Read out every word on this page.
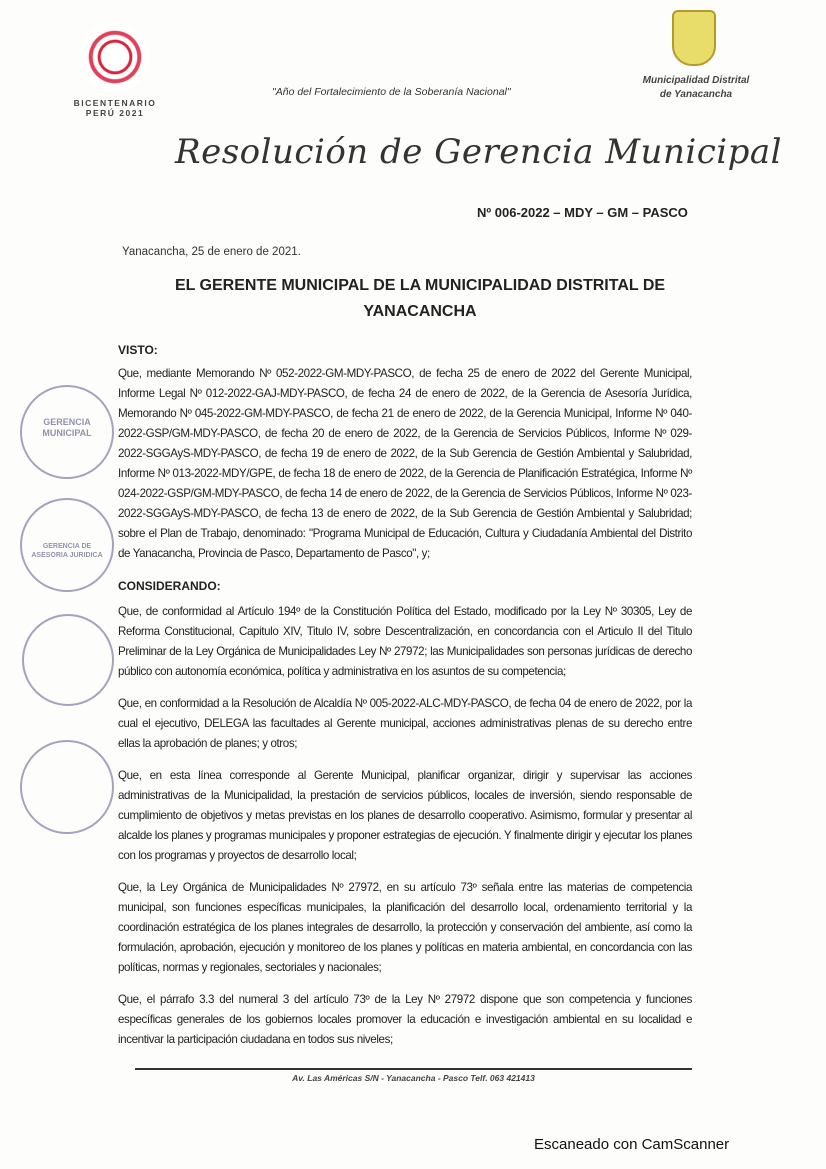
BICENTENARIO
PERÚ 2021
"Año del Fortalecimiento de la Soberanía Nacional"
Municipalidad Distrital
de Yanacancha
Resolución de Gerencia Municipal
Nº 006-2022 – MDY – GM – PASCO
Yanacancha, 25 de enero de 2021.
EL GERENTE MUNICIPAL DE LA MUNICIPALIDAD DISTRITAL DE YANACANCHA
VISTO:

Que, mediante Memorando Nº 052-2022-GM-MDY-PASCO, de fecha 25 de enero de 2022 del Gerente Municipal, Informe Legal Nº 012-2022-GAJ-MDY-PASCO, de fecha 24 de enero de 2022, de la Gerencia de Asesoría Jurídica, Memorando Nº 045-2022-GM-MDY-PASCO, de fecha 21 de enero de 2022, de la Gerencia Municipal, Informe Nº 040-2022-GSP/GM-MDY-PASCO, de fecha 20 de enero de 2022, de la Gerencia de Servicios Públicos, Informe Nº 029-2022-SGGAyS-MDY-PASCO, de fecha 19 de enero de 2022, de la Sub Gerencia de Gestión Ambiental y Salubridad, Informe Nº 013-2022-MDY/GPE, de fecha 18 de enero de 2022, de la Gerencia de Planificación Estratégica, Informe Nº 024-2022-GSP/GM-MDY-PASCO, de fecha 14 de enero de 2022, de la Gerencia de Servicios Públicos, Informe Nº 023-2022-SGGAyS-MDY-PASCO, de fecha 13 de enero de 2022, de la Sub Gerencia de Gestión Ambiental y Salubridad; sobre el Plan de Trabajo, denominado: "Programa Municipal de Educación, Cultura y Ciudadanía Ambiental del Distrito de Yanacancha, Provincia de Pasco, Departamento de Pasco", y;

CONSIDERANDO:

Que, de conformidad al Artículo 194º de la Constitución Política del Estado, modificado por la Ley Nº 30305, Ley de Reforma Constitucional, Capitulo XIV, Titulo IV, sobre Descentralización, en concordancia con el Articulo II del Titulo Preliminar de la Ley Orgánica de Municipalidades Ley Nº 27972; las Municipalidades son personas jurídicas de derecho público con autonomía económica, política y administrativa en los asuntos de su competencia;

Que, en conformidad a la Resolución de Alcaldía Nº 005-2022-ALC-MDY-PASCO, de fecha 04 de enero de 2022, por la cual el ejecutivo, DELEGA las facultades al Gerente municipal, acciones administrativas plenas de su derecho entre ellas la aprobación de planes; y otros;

Que, en esta línea corresponde al Gerente Municipal, planificar organizar, dirigir y supervisar las acciones administrativas de la Municipalidad, la prestación de servicios públicos, locales de inversión, siendo responsable de cumplimiento de objetivos y metas previstas en los planes de desarrollo cooperativo. Asimismo, formular y presentar al alcalde los planes y programas municipales y proponer estrategias de ejecución. Y finalmente dirigir y ejecutar los planes con los programas y proyectos de desarrollo local;

Que, la Ley Orgánica de Municipalidades Nº 27972, en su artículo 73º señala entre las materias de competencia municipal, son funciones específicas municipales, la planificación del desarrollo local, ordenamiento territorial y la coordinación estratégica de los planes integrales de desarrollo, la protección y conservación del ambiente, así como la formulación, aprobación, ejecución y monitoreo de los planes y políticas en materia ambiental, en concordancia con las políticas, normas y regionales, sectoriales y nacionales;

Que, el párrafo 3.3 del numeral 3 del artículo 73º de la Ley Nº 27972 dispone que son competencia y funciones específicas generales de los gobiernos locales promover la educación e investigación ambiental en su localidad e incentivar la participación ciudadana en todos sus niveles;

GERENCIA MUNICIPAL
GERENCIA DE ASESORIA JURIDICA
Av. Las Américas S/N - Yanacancha - Pasco Telf. 063 421413
Escaneado con CamScanner
